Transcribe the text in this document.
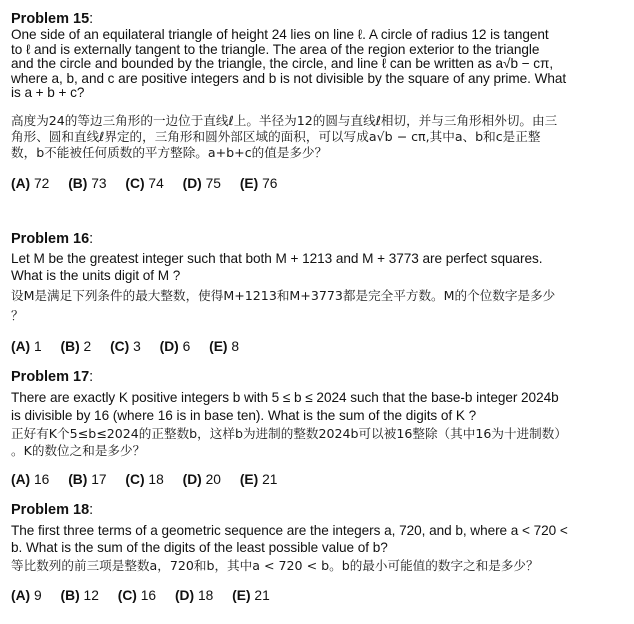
Problem 15:
One side of an equilateral triangle of height 24 lies on line ℓ. A circle of radius 12 is tangent
to ℓ and is externally tangent to the triangle. The area of the region exterior to the triangle
and the circle and bounded by the triangle, the circle, and line ℓ can be written as a√b − cπ,
where a, b, and c are positive integers and b is not divisible by the square of any prime. What
is a + b + c?
高度为24的等边三角形的一边位于直线ℓ上。半径为12的圆与直线ℓ相切，并与三角形相外切。由三
角形、圆和直线ℓ界定的，三角形和圆外部区域的面积，可以写成a√b − cπ,其中a、b和c是正整
数，b不能被任何质数的平方整除。a+b+c的值是多少？
(A) 72 (B) 73 (C) 74 (D) 75 (E) 76
Problem 16:
Let M be the greatest integer such that both M + 1213 and M + 3773 are perfect squares.
What is the units digit of M ?
设M是满足下列条件的最大整数，使得M+1213和M+3773都是完全平方数。M的个位数字是多少
？
(A) 1 (B) 2 (C) 3 (D) 6 (E) 8
Problem 17:
There are exactly K positive integers b with 5 ≤ b ≤ 2024 such that the base-b integer 2024b
is divisible by 16 (where 16 is in base ten). What is the sum of the digits of K ?
正好有K个5≤b≤2024的正整数b，这样b为进制的整数2024b可以被16整除（其中16为十进制数）
。K的数位之和是多少？
(A) 16 (B) 17 (C) 18 (D) 20 (E) 21
Problem 18:
The first three terms of a geometric sequence are the integers a, 720, and b, where a < 720 <
b. What is the sum of the digits of the least possible value of b?
等比数列的前三项是整数a，720和b，其中a < 720 < b。b的最小可能值的数字之和是多少？
(A) 9 (B) 12 (C) 16 (D) 18 (E) 21
